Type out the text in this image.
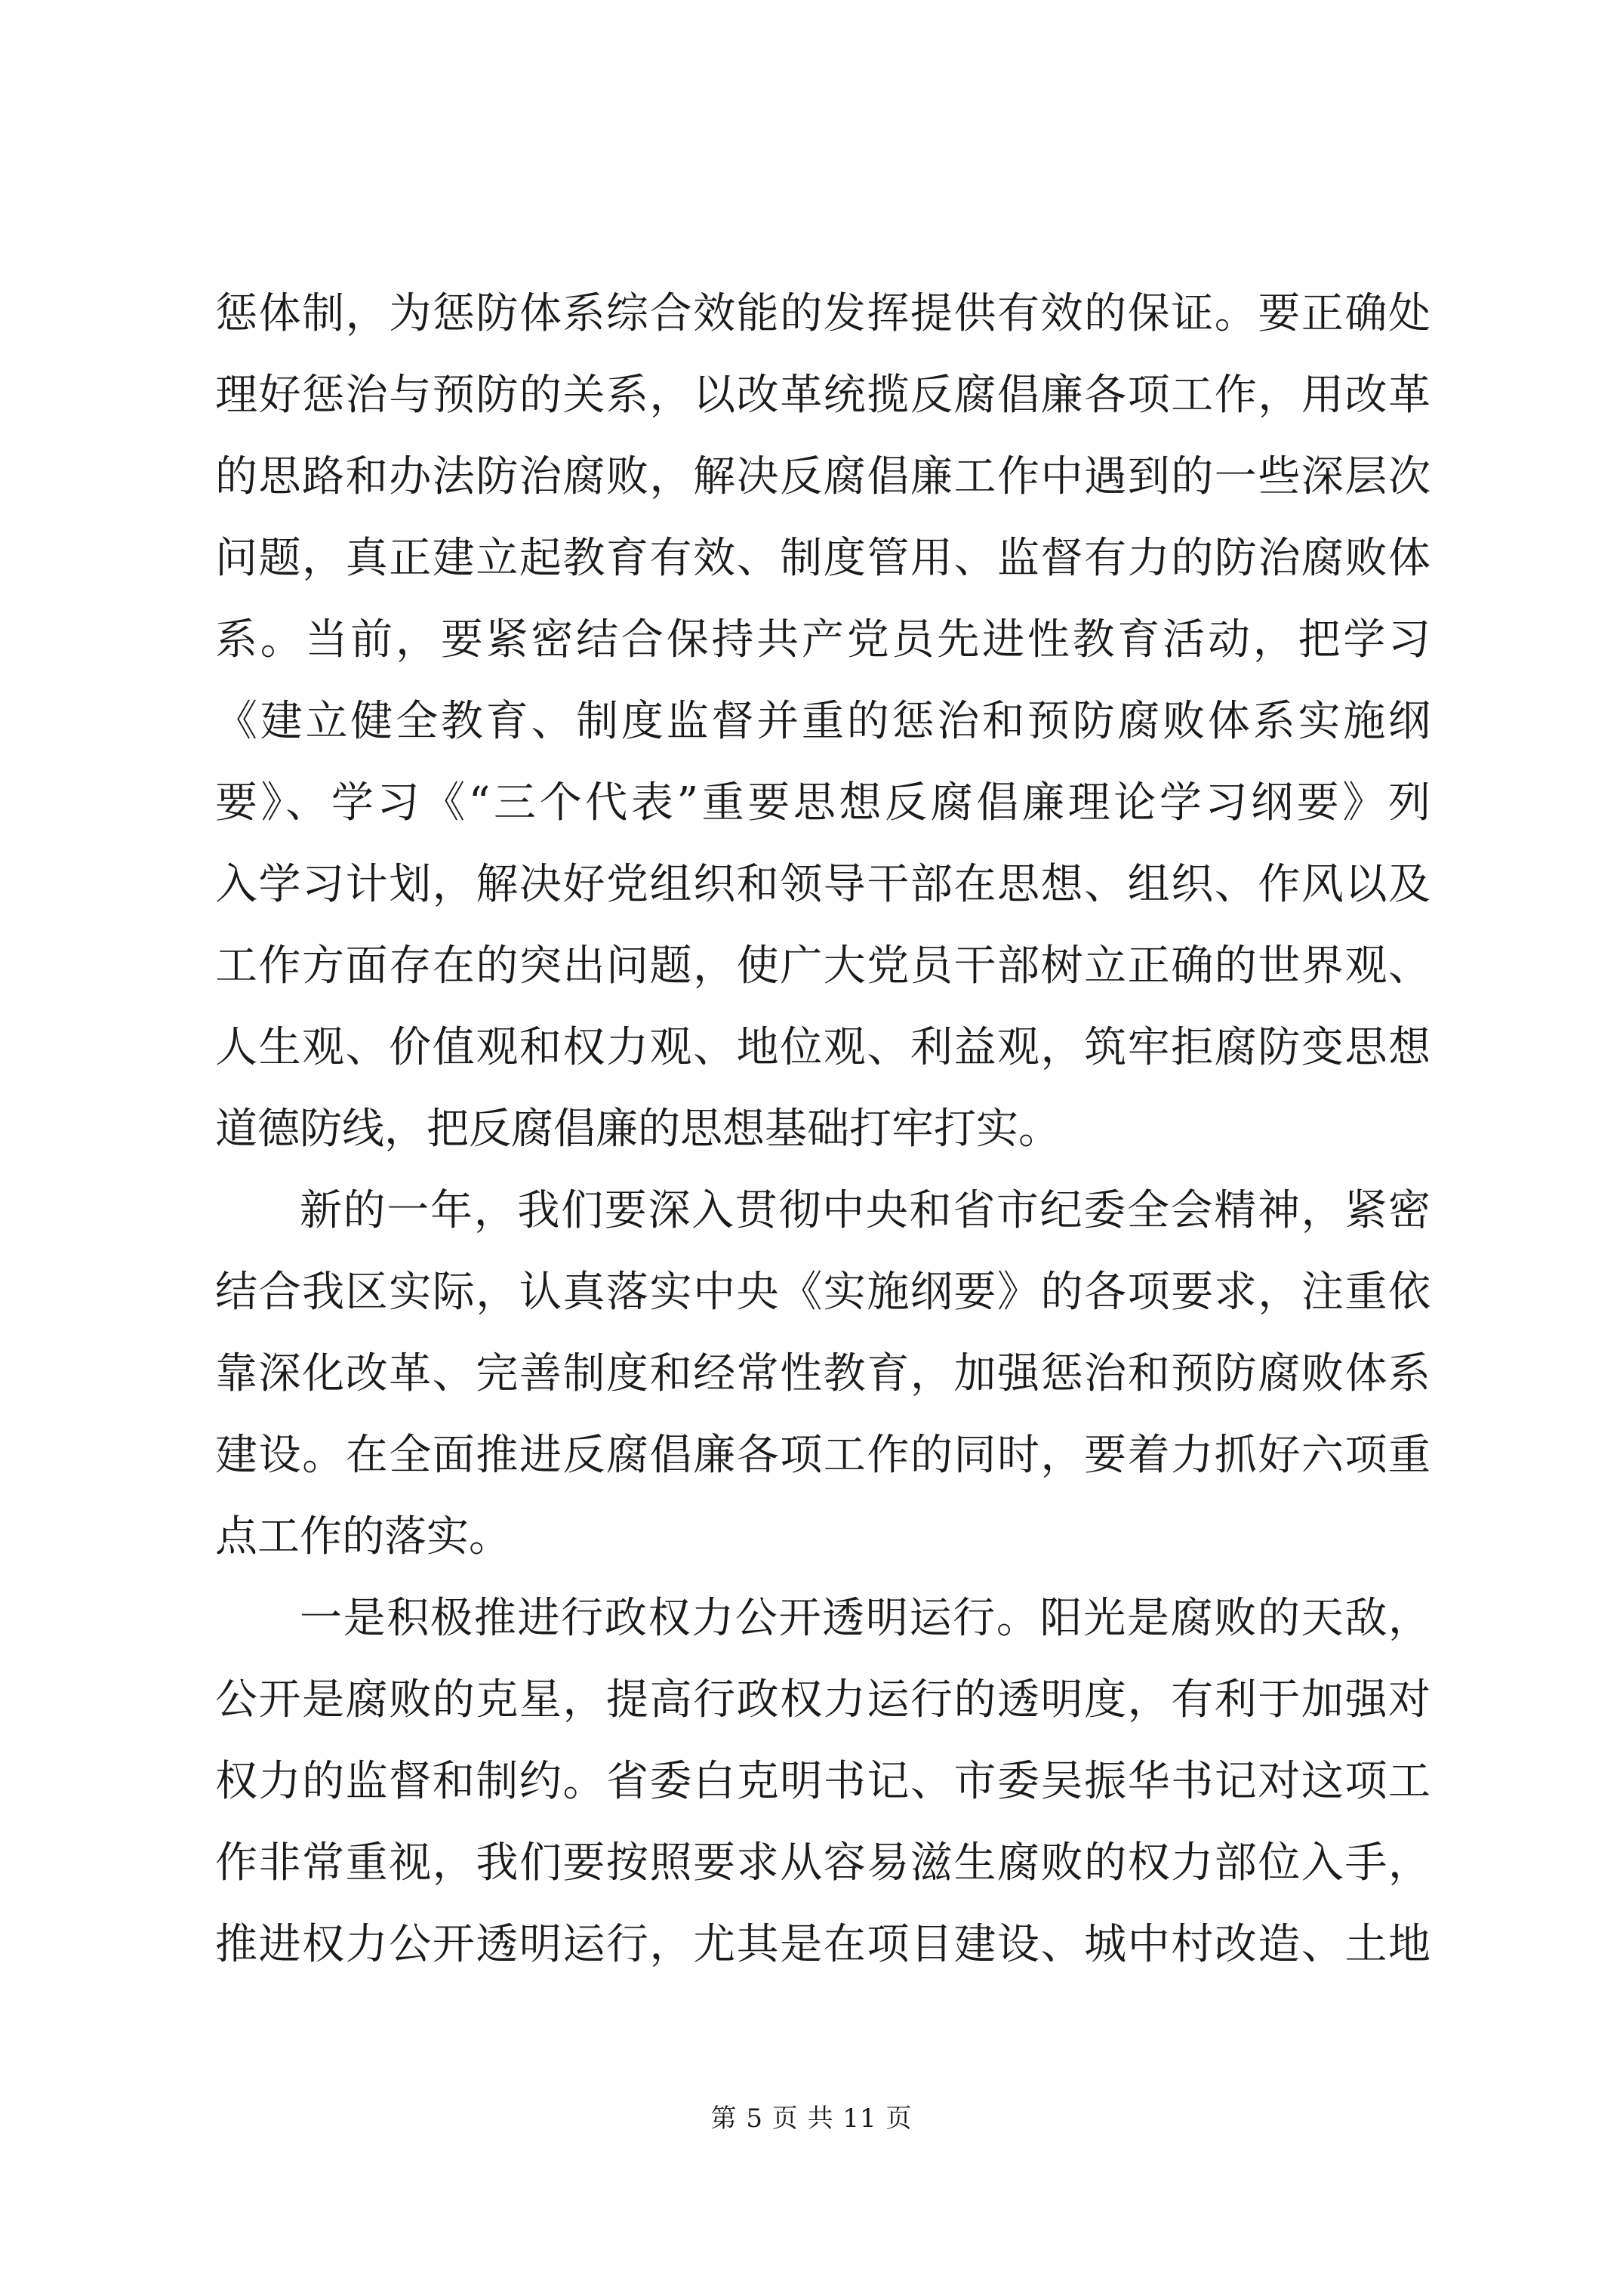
惩体制，为惩防体系综合效能的发挥提供有效的保证。要正确处
理好惩治与预防的关系，以改革统揽反腐倡廉各项工作，用改革
的思路和办法防治腐败，解决反腐倡廉工作中遇到的一些深层次
问题，真正建立起教育有效、制度管用、监督有力的防治腐败体
系。当前，要紧密结合保持共产党员先进性教育活动，把学习
《建立健全教育、制度监督并重的惩治和预防腐败体系实施纲
要》、学习《“三个代表”重要思想反腐倡廉理论学习纲要》列
入学习计划，解决好党组织和领导干部在思想、组织、作风以及
工作方面存在的突出问题，使广大党员干部树立正确的世界观、
人生观、价值观和权力观、地位观、利益观，筑牢拒腐防变思想
道德防线，把反腐倡廉的思想基础打牢打实。
新的一年，我们要深入贯彻中央和省市纪委全会精神，紧密
结合我区实际，认真落实中央《实施纲要》的各项要求，注重依
靠深化改革、完善制度和经常性教育，加强惩治和预防腐败体系
建设。在全面推进反腐倡廉各项工作的同时，要着力抓好六项重
点工作的落实。
一是积极推进行政权力公开透明运行。阳光是腐败的天敌，
公开是腐败的克星，提高行政权力运行的透明度，有利于加强对
权力的监督和制约。省委白克明书记、市委吴振华书记对这项工
作非常重视，我们要按照要求从容易滋生腐败的权力部位入手，
推进权力公开透明运行，尤其是在项目建设、城中村改造、土地
第 5 页 共 11 页
